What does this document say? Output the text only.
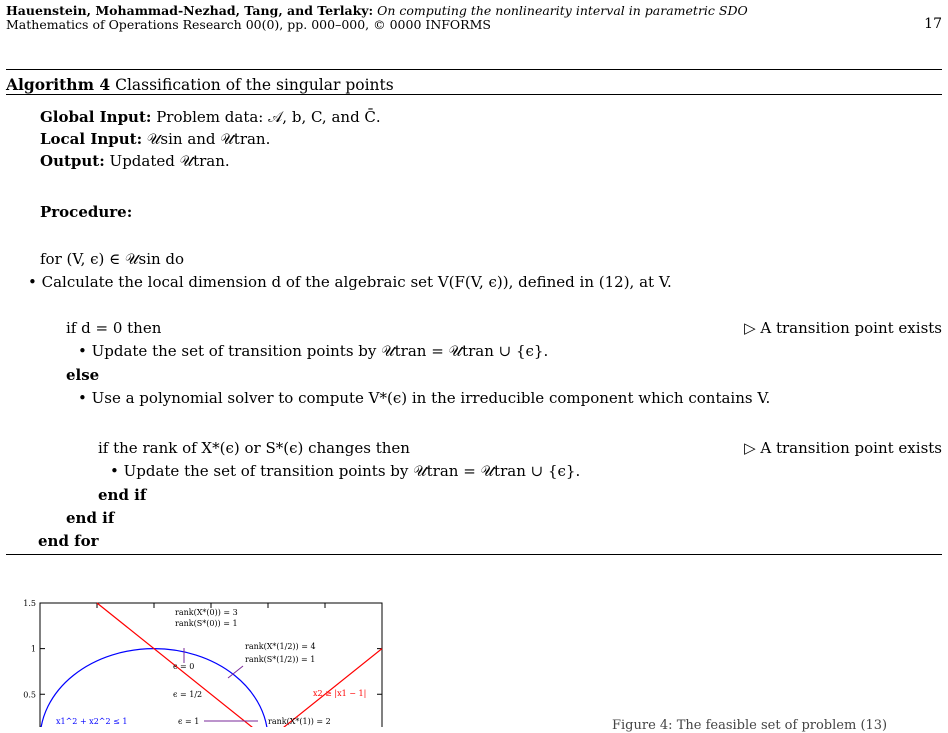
Hauenstein, Mohammad-Nezhad, Tang, and Terlaky: On computing the nonlinearity interval in parametric SDO
Mathematics of Operations Research 00(0), pp. 000–000, © 0000 INFORMS	17
Algorithm 4 Classification of the singular points
Global Input: Problem data: 𝒜, b, C, and C̄.
Local Input: 𝒰sin and 𝒰tran.
Output: Updated 𝒰tran.
Procedure:
for (V, ϵ) ∈ 𝒰sin do
• Calculate the local dimension d of the algebraic set V(F(V, ϵ)), defined in (12), at V.
if d = 0 then	▷ A transition point exists
• Update the set of transition points by 𝒰tran = 𝒰tran ∪ {ϵ}.
else
• Use a polynomial solver to compute V*(ϵ) in the irreducible component which contains V.
if the rank of X*(ϵ) or S*(ϵ) changes then	▷ A transition point exists
• Update the set of transition points by 𝒰tran = 𝒰tran ∪ {ϵ}.
end if
end if
end for
1.5
1
0.5
rank(X*(0)) = 3
rank(S*(0)) = 1
ϵ = 0
rank(X*(1/2)) = 4
rank(S*(1/2)) = 1
ϵ = 1/2
ϵ = 1	rank(X*(1)) = 2
x1^2 + x2^2 ≤ 1
x2 ≥ |x1 − 1|
Figure 4: The feasible set of problem (13)
